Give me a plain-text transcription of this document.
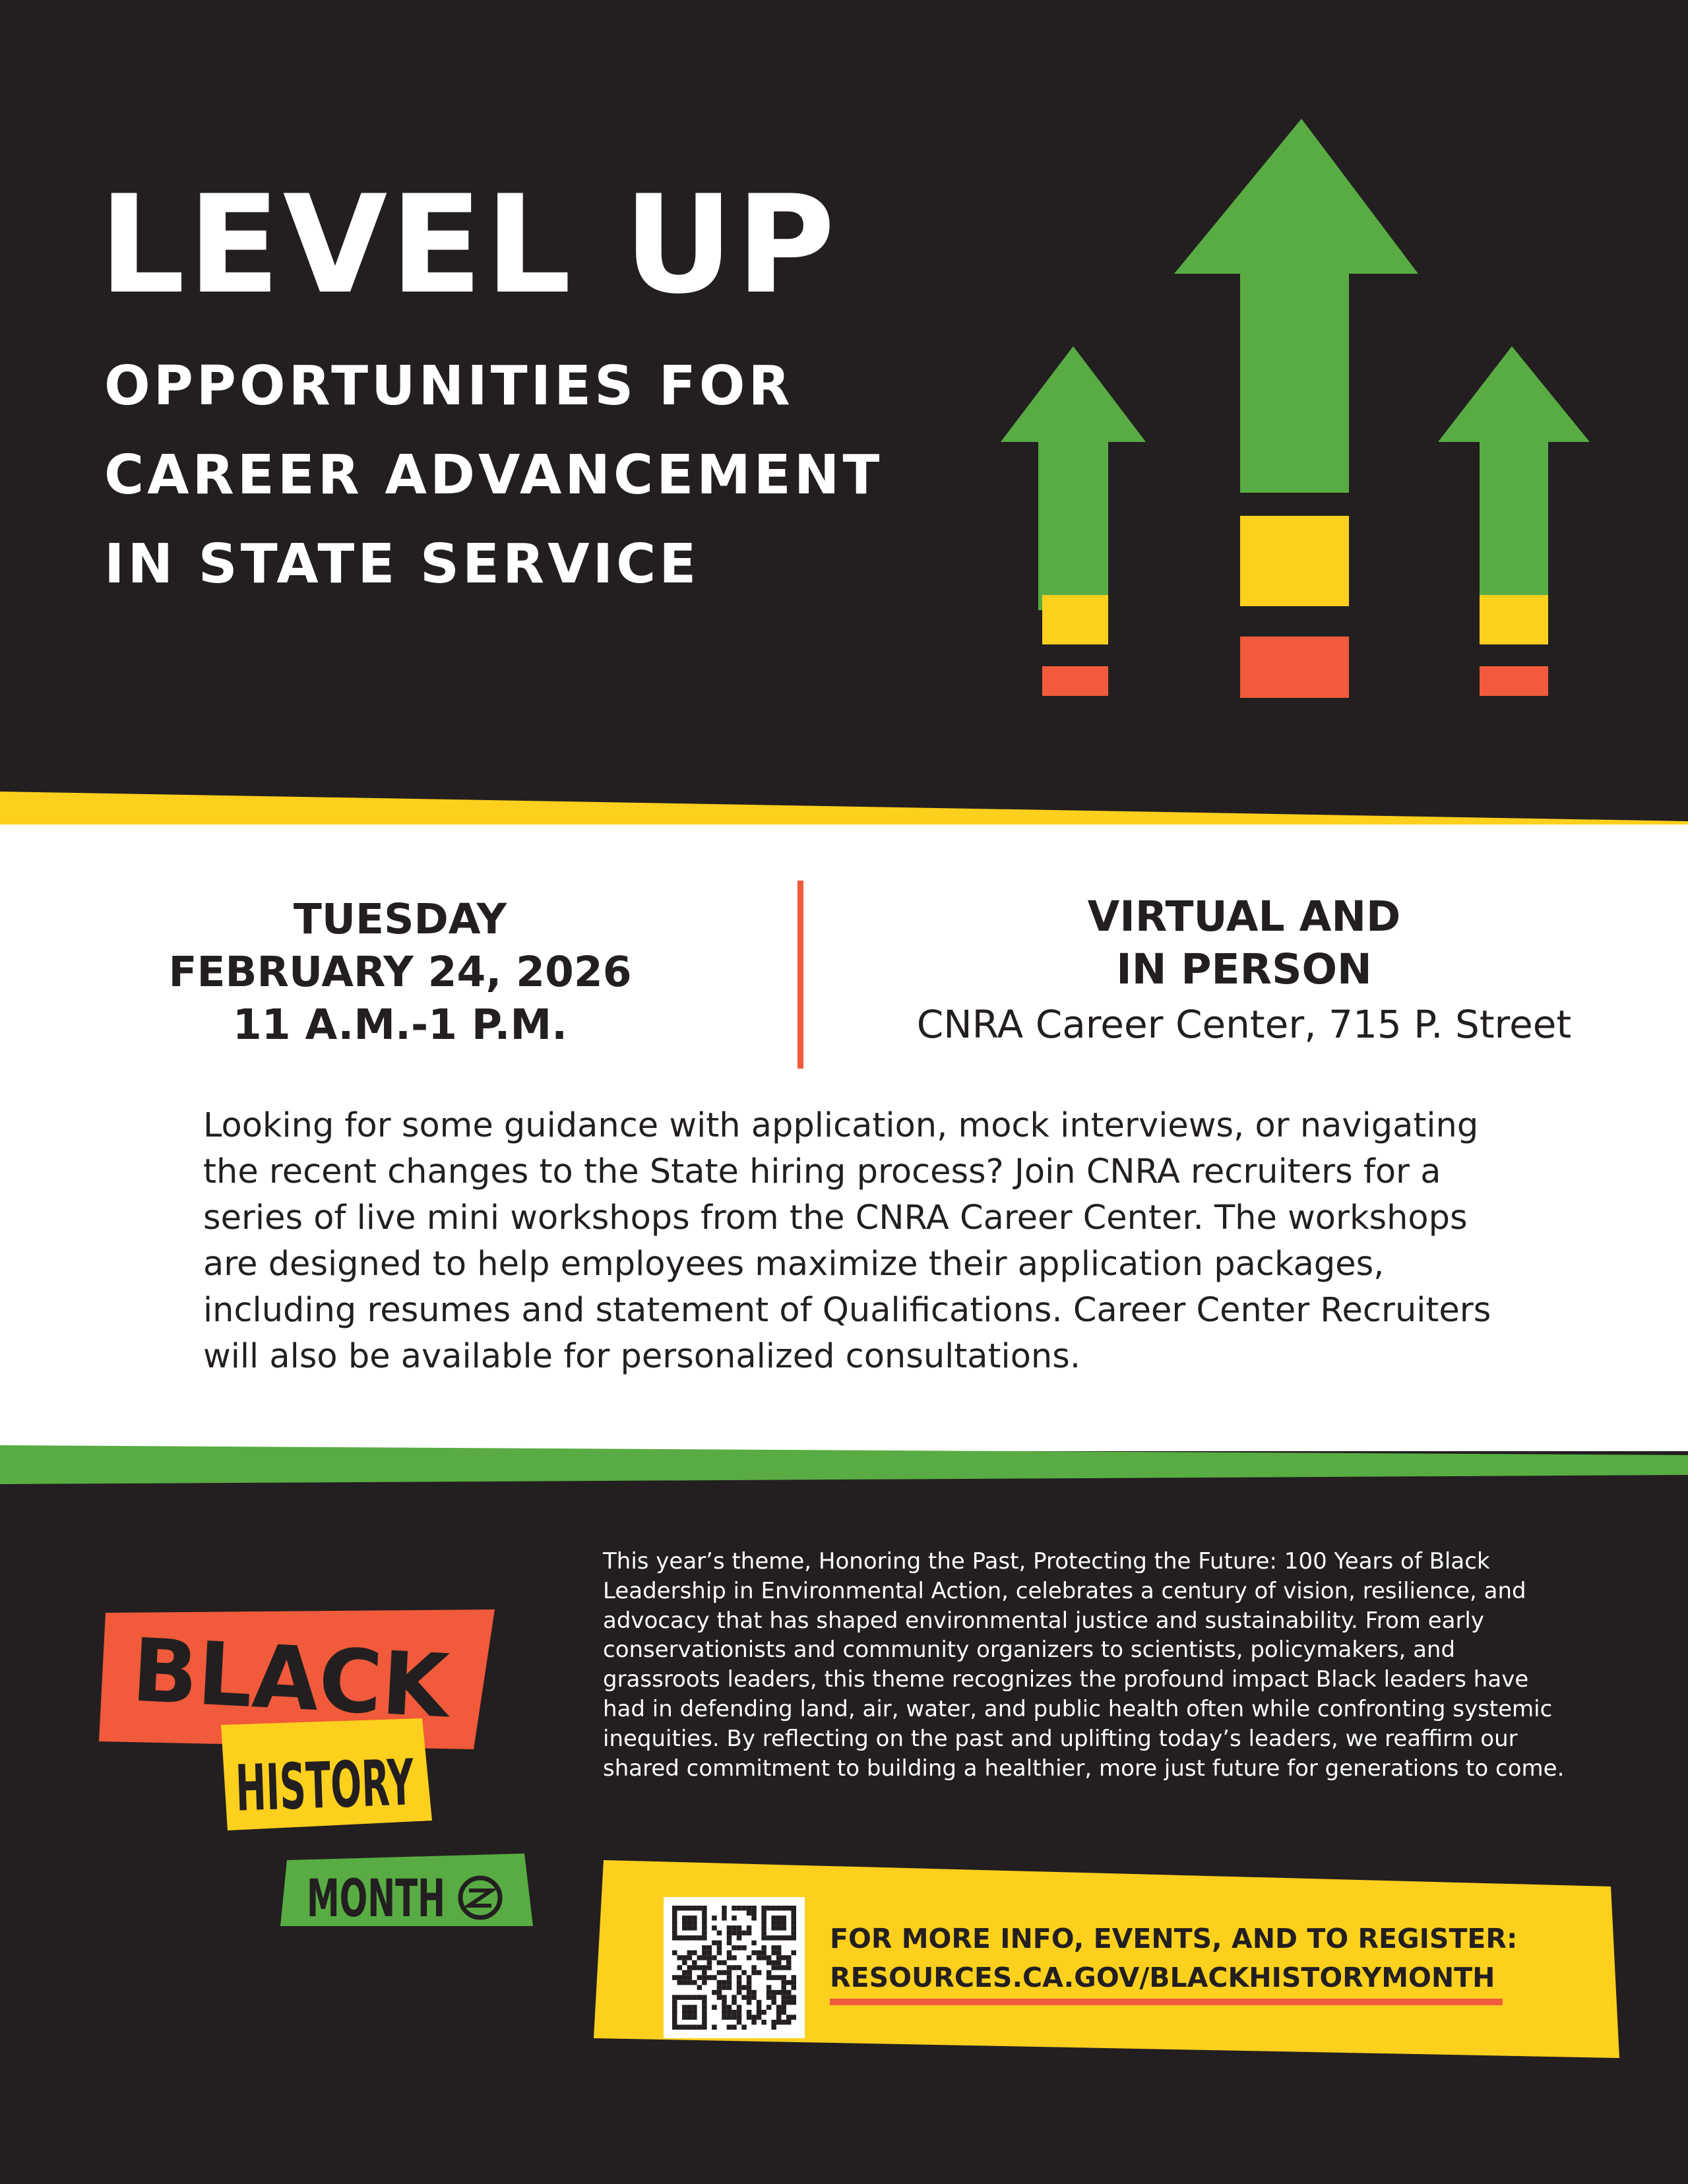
LEVEL UP
OPPORTUNITIES FOR
CAREER ADVANCEMENT
IN STATE SERVICE
TUESDAY
FEBRUARY 24, 2026
11 A.M.-1 P.M.
VIRTUAL AND
IN PERSON
CNRA Career Center, 715 P. Street

Looking for some guidance with application, mock interviews, or navigating the recent changes to the State hiring process? Join CNRA recruiters for a series of live mini workshops from the CNRA Career Center. The workshops are designed to help employees maximize their application packages, including resumes and statement of Qualifications. Career Center Recruiters will also be available for personalized consultations.

BLACK
HISTORY
MONTH

This year’s theme, Honoring the Past, Protecting the Future: 100 Years of Black Leadership in Environmental Action, celebrates a century of vision, resilience, and advocacy that has shaped environmental justice and sustainability. From early conservationists and community organizers to scientists, policymakers, and grassroots leaders, this theme recognizes the profound impact Black leaders have had in defending land, air, water, and public health often while confronting systemic inequities. By reflecting on the past and uplifting today’s leaders, we reaffirm our shared commitment to building a healthier, more just future for generations to come.

FOR MORE INFO, EVENTS, AND TO REGISTER:
RESOURCES.CA.GOV/BLACKHISTORYMONTH
